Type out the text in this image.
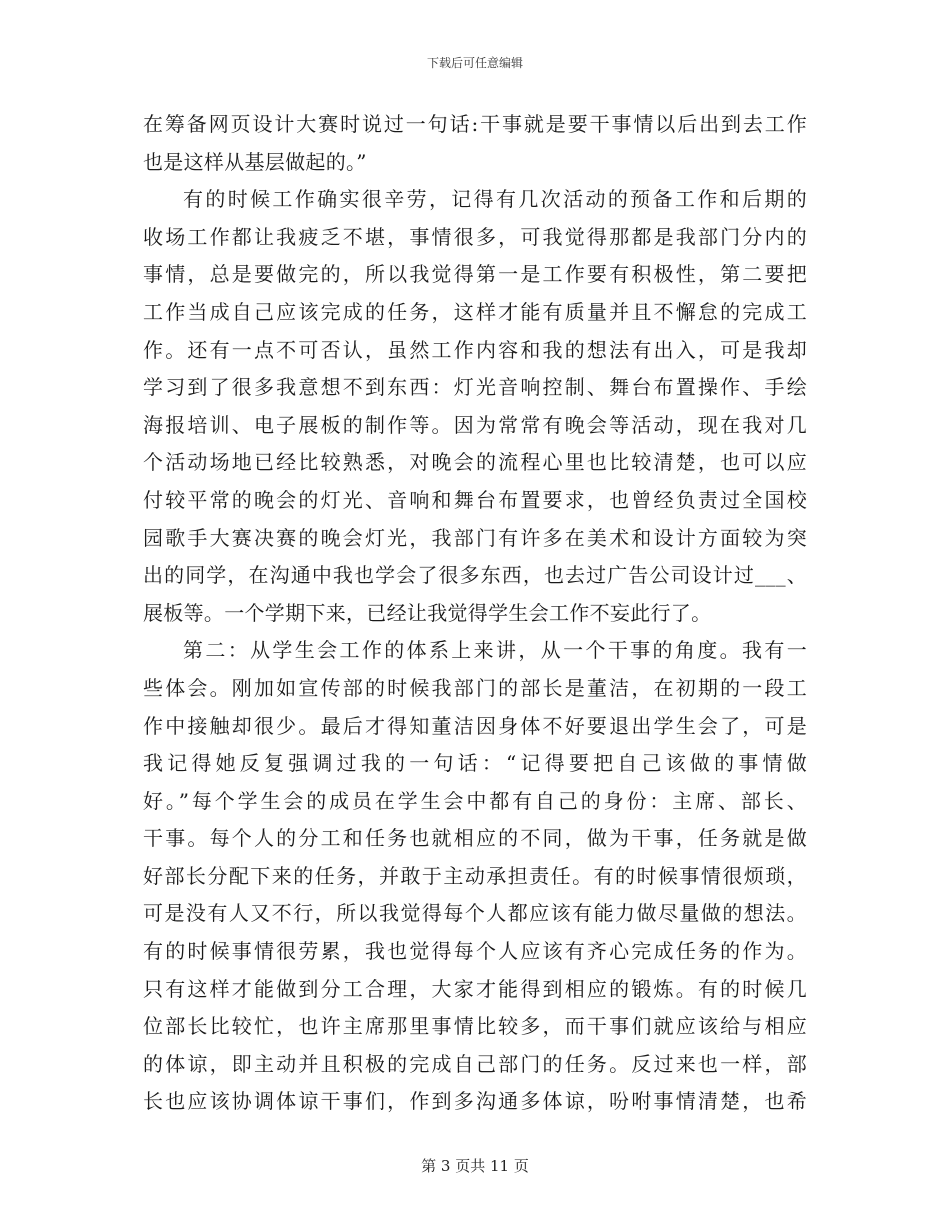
下载后可任意编辑
在筹备网页设计大赛时说过一句话:干事就是要干事情以后出到去工作
也是这样从基层做起的。”
有的时候工作确实很辛劳，记得有几次活动的预备工作和后期的
收场工作都让我疲乏不堪，事情很多，可我觉得那都是我部门分内的
事情，总是要做完的，所以我觉得第一是工作要有积极性，第二要把
工作当成自己应该完成的任务，这样才能有质量并且不懈怠的完成工
作。还有一点不可否认，虽然工作内容和我的想法有出入，可是我却
学习到了很多我意想不到东西：灯光音响控制、舞台布置操作、手绘
海报培训、电子展板的制作等。因为常常有晚会等活动，现在我对几
个活动场地已经比较熟悉，对晚会的流程心里也比较清楚，也可以应
付较平常的晚会的灯光、音响和舞台布置要求，也曾经负责过全国校
园歌手大赛决赛的晚会灯光，我部门有许多在美术和设计方面较为突
出的同学，在沟通中我也学会了很多东西，也去过广告公司设计过___、
展板等。一个学期下来，已经让我觉得学生会工作不妄此行了。
第二：从学生会工作的体系上来讲，从一个干事的角度。我有一
些体会。刚加如宣传部的时候我部门的部长是董洁，在初期的一段工
作中接触却很少。最后才得知董洁因身体不好要退出学生会了，可是
我记得她反复强调过我的一句话：“记得要把自己该做的事情做
好。”每个学生会的成员在学生会中都有自己的身份：主席、部长、
干事。每个人的分工和任务也就相应的不同，做为干事，任务就是做
好部长分配下来的任务，并敢于主动承担责任。有的时候事情很烦琐，
可是没有人又不行，所以我觉得每个人都应该有能力做尽量做的想法。
有的时候事情很劳累，我也觉得每个人应该有齐心完成任务的作为。
只有这样才能做到分工合理，大家才能得到相应的锻炼。有的时候几
位部长比较忙，也许主席那里事情比较多，而干事们就应该给与相应
的体谅，即主动并且积极的完成自己部门的任务。反过来也一样，部
长也应该协调体谅干事们，作到多沟通多体谅，吩咐事情清楚，也希
第 3 页共 11 页
